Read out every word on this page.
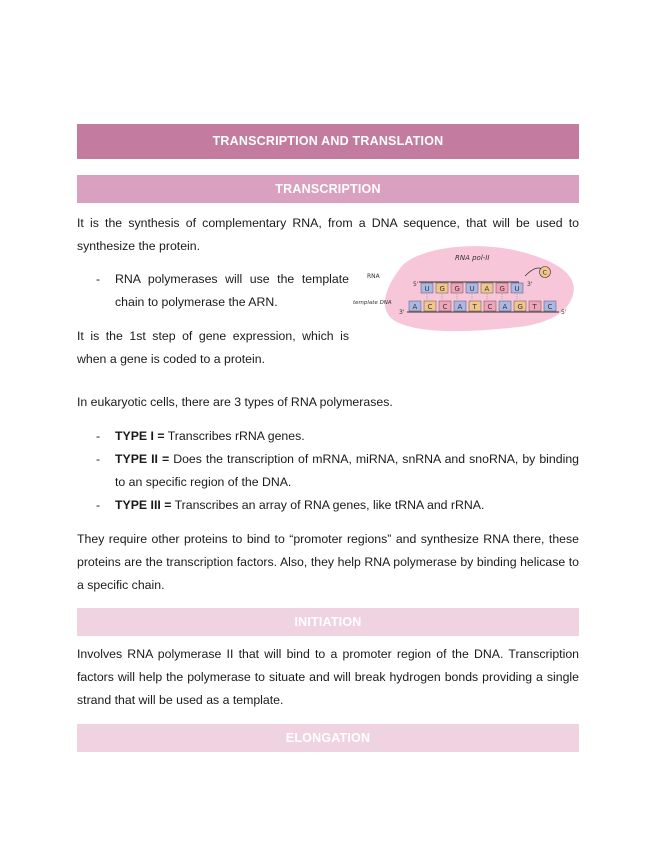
TRANSCRIPTION AND TRANSLATION
TRANSCRIPTION

It is the synthesis of complementary RNA, from a DNA sequence, that will be used to synthesize the protein.

- RNA polymerases will use the template chain to polymerase the ARN.

It is the 1st step of gene expression, which is when a gene is coded to a protein.

RNA pol-II
RNA
template DNA
5'	3'
3'	5'
U G G U A G U
A C C A T C A G T C
C

In eukaryotic cells, there are 3 types of RNA polymerases.

- TYPE I = Transcribes rRNA genes.
- TYPE II = Does the transcription of mRNA, miRNA, snRNA and snoRNA, by binding to an specific region of the DNA.
- TYPE III = Transcribes an array of RNA genes, like tRNA and rRNA.

They require other proteins to bind to “promoter regions” and synthesize RNA there, these proteins are the transcription factors. Also, they help RNA polymerase by binding helicase to a specific chain.

INITIATION

Involves RNA polymerase II that will bind to a promoter region of the DNA. Transcription factors will help the polymerase to situate and will break hydrogen bonds providing a single strand that will be used as a template.

ELONGATION
